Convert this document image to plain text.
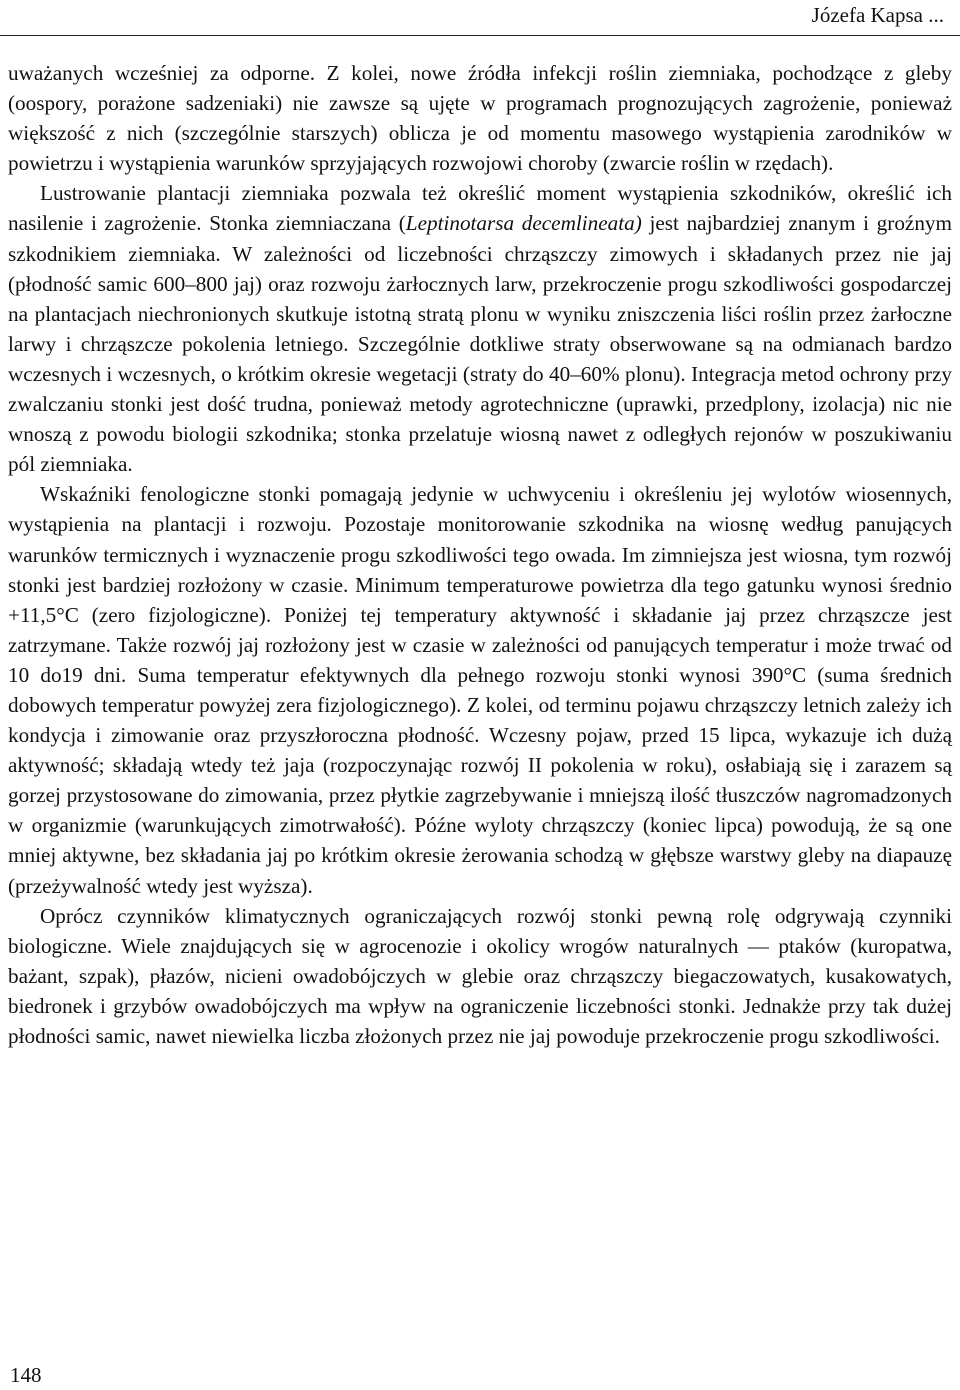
Józefa Kapsa ...

uważanych wcześniej za odporne. Z kolei, nowe źródła infekcji roślin ziemniaka, pochodzące z gleby (oospory, porażone sadzeniaki) nie zawsze są ujęte w programach prognozujących zagrożenie, ponieważ większość z nich (szczególnie starszych) oblicza je od momentu masowego wystąpienia zarodników w powietrzu i wystąpienia warunków sprzyjających rozwojowi choroby (zwarcie roślin w rzędach).

Lustrowanie plantacji ziemniaka pozwala też określić moment wystąpienia szkodników, określić ich nasilenie i zagrożenie. Stonka ziemniaczana (Leptinotarsa decemlineata) jest najbardziej znanym i groźnym szkodnikiem ziemniaka. W zależności od liczebności chrząszczy zimowych i składanych przez nie jaj (płodność samic 600–800 jaj) oraz rozwoju żarłocznych larw, przekroczenie progu szkodliwości gospodarczej na plantacjach niechronionych skutkuje istotną stratą plonu w wyniku zniszczenia liści roślin przez żarłoczne larwy i chrząszcze pokolenia letniego. Szczególnie dotkliwe straty obserwowane są na odmianach bardzo wczesnych i wczesnych, o krótkim okresie wegetacji (straty do 40–60% plonu). Integracja metod ochrony przy zwalczaniu stonki jest dość trudna, ponieważ metody agrotechniczne (uprawki, przedplony, izolacja) nic nie wnoszą z powodu biologii szkodnika; stonka przelatuje wiosną nawet z odległych rejonów w poszukiwaniu pól ziemniaka.

Wskaźniki fenologiczne stonki pomagają jedynie w uchwyceniu i określeniu jej wylotów wiosennych, wystąpienia na plantacji i rozwoju. Pozostaje monitorowanie szkodnika na wiosnę według panujących warunków termicznych i wyznaczenie progu szkodliwości tego owada. Im zimniejsza jest wiosna, tym rozwój stonki jest bardziej rozłożony w czasie. Minimum temperaturowe powietrza dla tego gatunku wynosi średnio +11,5°C (zero fizjologiczne). Poniżej tej temperatury aktywność i składanie jaj przez chrząszcze jest zatrzymane. Także rozwój jaj rozłożony jest w czasie w zależności od panujących temperatur i może trwać od 10 do19 dni. Suma temperatur efektywnych dla pełnego rozwoju stonki wynosi 390°C (suma średnich dobowych temperatur powyżej zera fizjologicznego). Z kolei, od terminu pojawu chrząszczy letnich zależy ich kondycja i zimowanie oraz przyszłoroczna płodność. Wczesny pojaw, przed 15 lipca, wykazuje ich dużą aktywność; składają wtedy też jaja (rozpoczynając rozwój II pokolenia w roku), osłabiają się i zarazem są gorzej przystosowane do zimowania, przez płytkie zagrzebywanie i mniejszą ilość tłuszczów nagromadzonych w organizmie (warunkujących zimotrwałość). Późne wyloty chrząszczy (koniec lipca) powodują, że są one mniej aktywne, bez składania jaj po krótkim okresie żerowania schodzą w głębsze warstwy gleby na diapauzę (przeżywalność wtedy jest wyższa).

Oprócz czynników klimatycznych ograniczających rozwój stonki pewną rolę odgrywają czynniki biologiczne. Wiele znajdujących się w agrocenozie i okolicy wrogów naturalnych — ptaków (kuropatwa, bażant, szpak), płazów, nicieni owadobójczych w glebie oraz chrząszczy biegaczowatych, kusakowatych, biedronek i grzybów owadobójczych ma wpływ na ograniczenie liczebności stonki. Jednakże przy tak dużej płodności samic, nawet niewielka liczba złożonych przez nie jaj powoduje przekroczenie progu szkodliwości.

148
